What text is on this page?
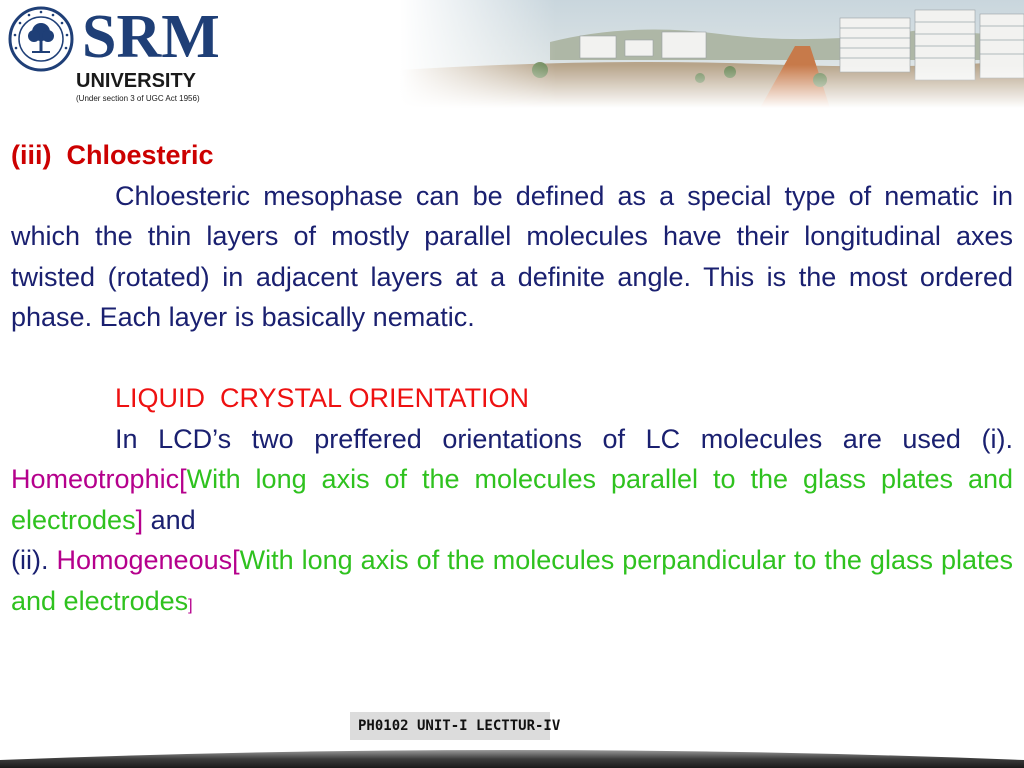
SRM
UNIVERSITY
(Under section 3 of UGC Act 1956)
(iii)  Chloesteric

Chloesteric mesophase can be defined as a special type of nematic in which the thin layers of mostly parallel molecules have their longitudinal axes twisted (rotated) in adjacent layers at a definite angle. This is the most ordered phase. Each layer is basically nematic.

LIQUID  CRYSTAL ORIENTATION

In LCD’s two preffered orientations of LC molecules are used (i). Homeotrophic[With long axis of the molecules parallel to the glass plates and electrodes] and

(ii). Homogeneous[With long axis of the molecules perpandicular to the glass plates and electrodes]

PH0102 UNIT-I LECTTUR-IV
